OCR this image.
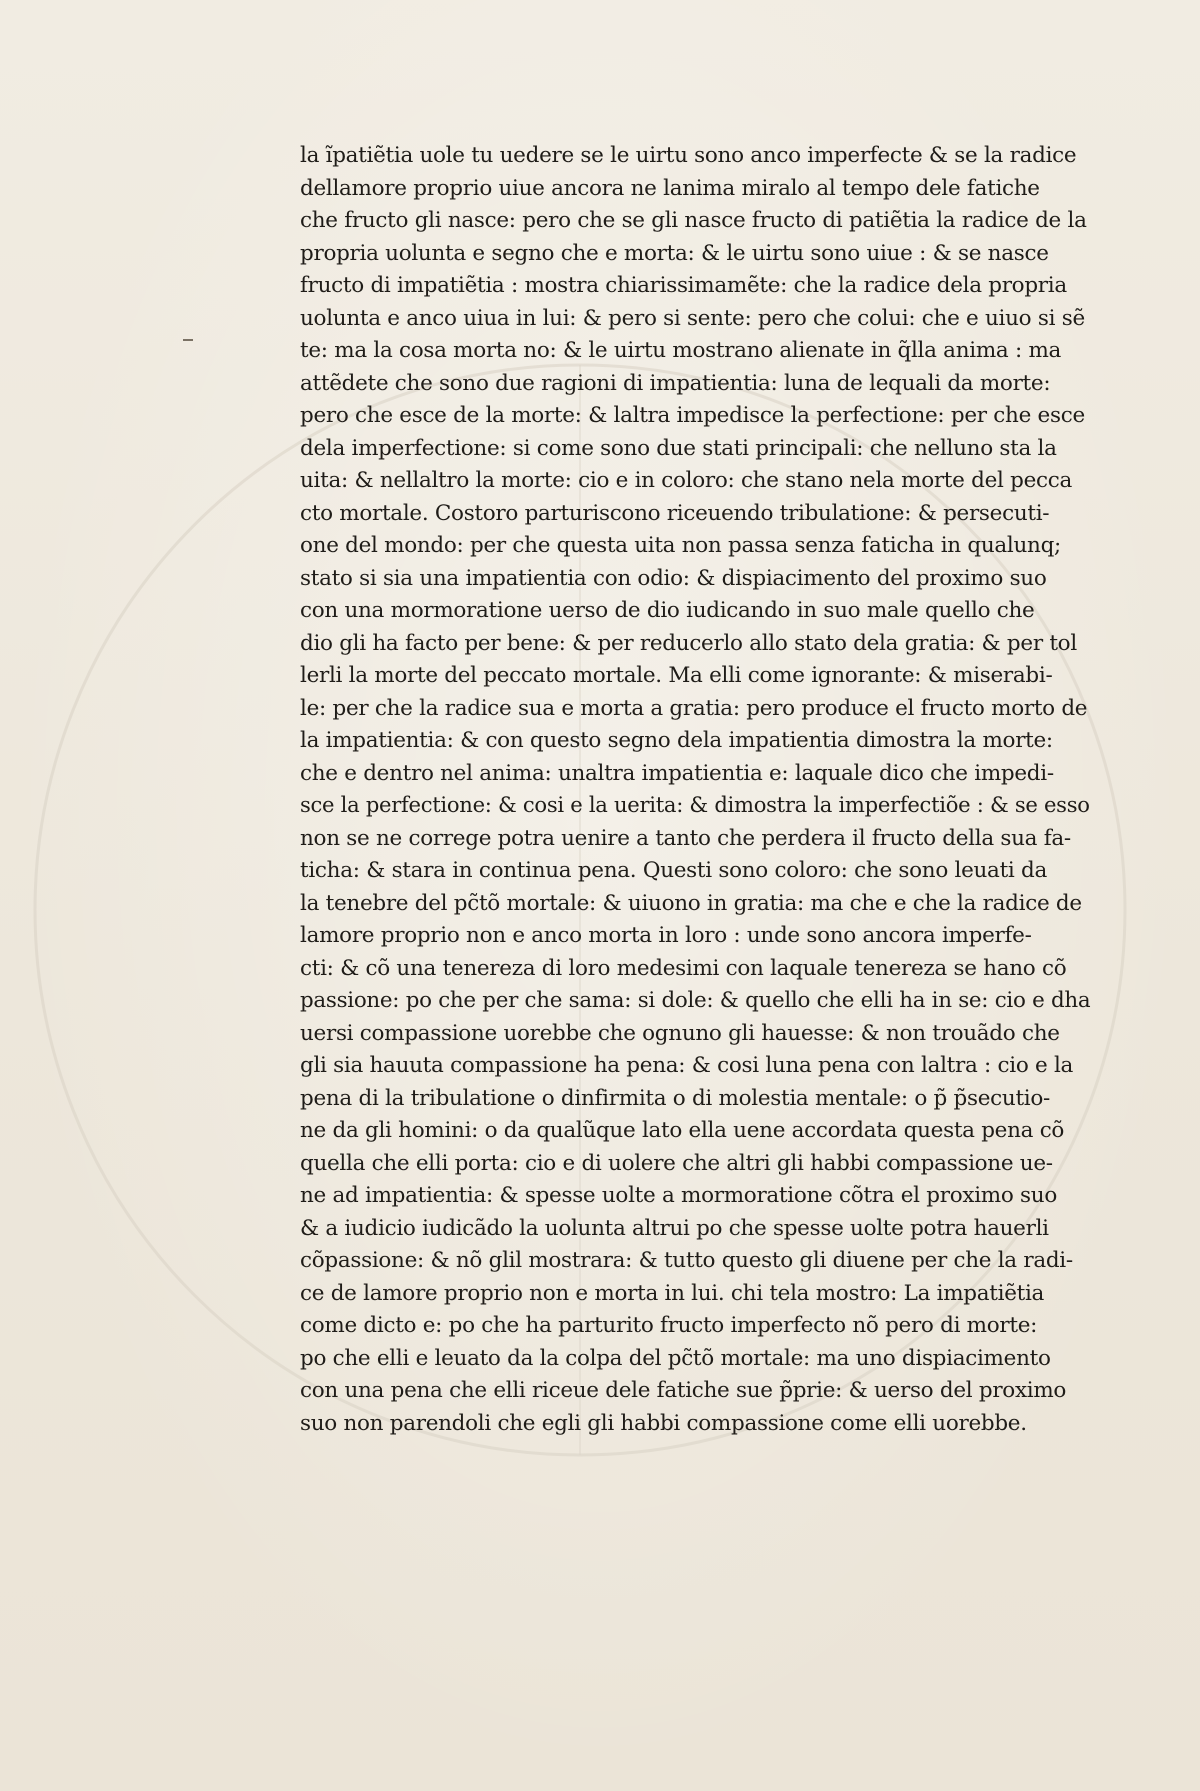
la ĩpatiẽtia uole tu uedere se le uirtu sono anco imperfecte & se la radice
dellamore proprio uiue ancora ne lanima miralo al tempo dele fatiche
che fructo gli nasce: pero che se gli nasce fructo di patiẽtia la radice de la
propria uolunta e segno che e morta: & le uirtu sono uiue : & se nasce
fructo di impatiẽtia : mostra chiarissimamẽte: che la radice dela propria
uolunta e anco uiua in lui: & pero si sente: pero che colui: che e uiuo si sẽ
te: ma la cosa morta no: & le uirtu mostrano alienate in q̃lla anima : ma
attẽdete che sono due ragioni di impatientia: luna de lequali da morte:
pero che esce de la morte: & laltra impedisce la perfectione: per che esce
dela imperfectione: si come sono due stati principali: che nelluno sta la
uita: & nellaltro la morte: cio e in coloro: che stano nela morte del pecca
cto mortale. Costoro parturiscono riceuendo tribulatione: & persecuti-
one del mondo: per che questa uita non passa senza faticha in qualunq;
stato si sia una impatientia con odio: & dispiacimento del proximo suo
con una mormoratione uerso de dio iudicando in suo male quello che
dio gli ha facto per bene: & per reducerlo allo stato dela gratia: & per tol
lerli la morte del peccato mortale. Ma elli come ignorante: & miserabi-
le: per che la radice sua e morta a gratia: pero produce el fructo morto de
la impatientia: & con questo segno dela impatientia dimostra la morte:
che e dentro nel anima: unaltra impatientia e: laquale dico che impedi-
sce la perfectione: & cosi e la uerita: & dimostra la imperfectiõe : & se esso
non se ne correge potra uenire a tanto che perdera il fructo della sua fa-
ticha: & stara in continua pena. Questi sono coloro: che sono leuati da
la tenebre del pc̃tõ mortale: & uiuono in gratia: ma che e che la radice de
lamore proprio non e anco morta in loro : unde sono ancora imperfe-
cti: & cõ una tenereza di loro medesimi con laquale tenereza se hano cõ
passione: po che per che sama: si dole: & quello che elli ha in se: cio e dha
uersi compassione uorebbe che ognuno gli hauesse: & non trouãdo che
gli sia hauuta compassione ha pena: & cosi luna pena con laltra : cio e la
pena di la tribulatione o dinfirmita o di molestia mentale: o p̃ p̃secutio-
ne da gli homini: o da qualũque lato ella uene accordata questa pena cõ
quella che elli porta: cio e di uolere che altri gli habbi compassione ue-
ne ad impatientia: & spesse uolte a mormoratione cõtra el proximo suo
& a iudicio iudicãdo la uolunta altrui po che spesse uolte potra hauerli
cõpassione: & nõ glil mostrara: & tutto questo gli diuene per che la radi-
ce de lamore proprio non e morta in lui. chi tela mostro: La impatiẽtia
come dicto e: po che ha parturito fructo imperfecto nõ pero di morte:
po che elli e leuato da la colpa del pc̃tõ mortale: ma uno dispiacimento
con una pena che elli riceue dele fatiche sue p̃prie: & uerso del proximo
suo non parendoli che egli gli habbi compassione come elli uorebbe.
